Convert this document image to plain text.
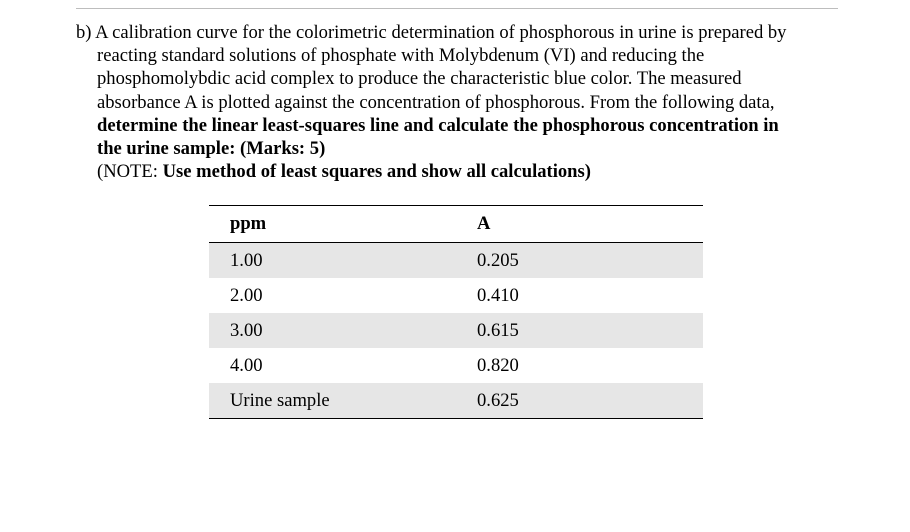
b) A calibration curve for the colorimetric determination of phosphorous in urine is prepared by
reacting standard solutions of phosphate with Molybdenum (VI) and reducing the
phosphomolybdic acid complex to produce the characteristic blue color. The measured
absorbance A is plotted against the concentration of phosphorous. From the following data,
determine the linear least-squares line and calculate the phosphorous concentration in
the urine sample: (Marks: 5)
(NOTE: Use method of least squares and show all calculations)
ppm	A
1.00	0.205
2.00	0.410
3.00	0.615
4.00	0.820
Urine sample	0.625
